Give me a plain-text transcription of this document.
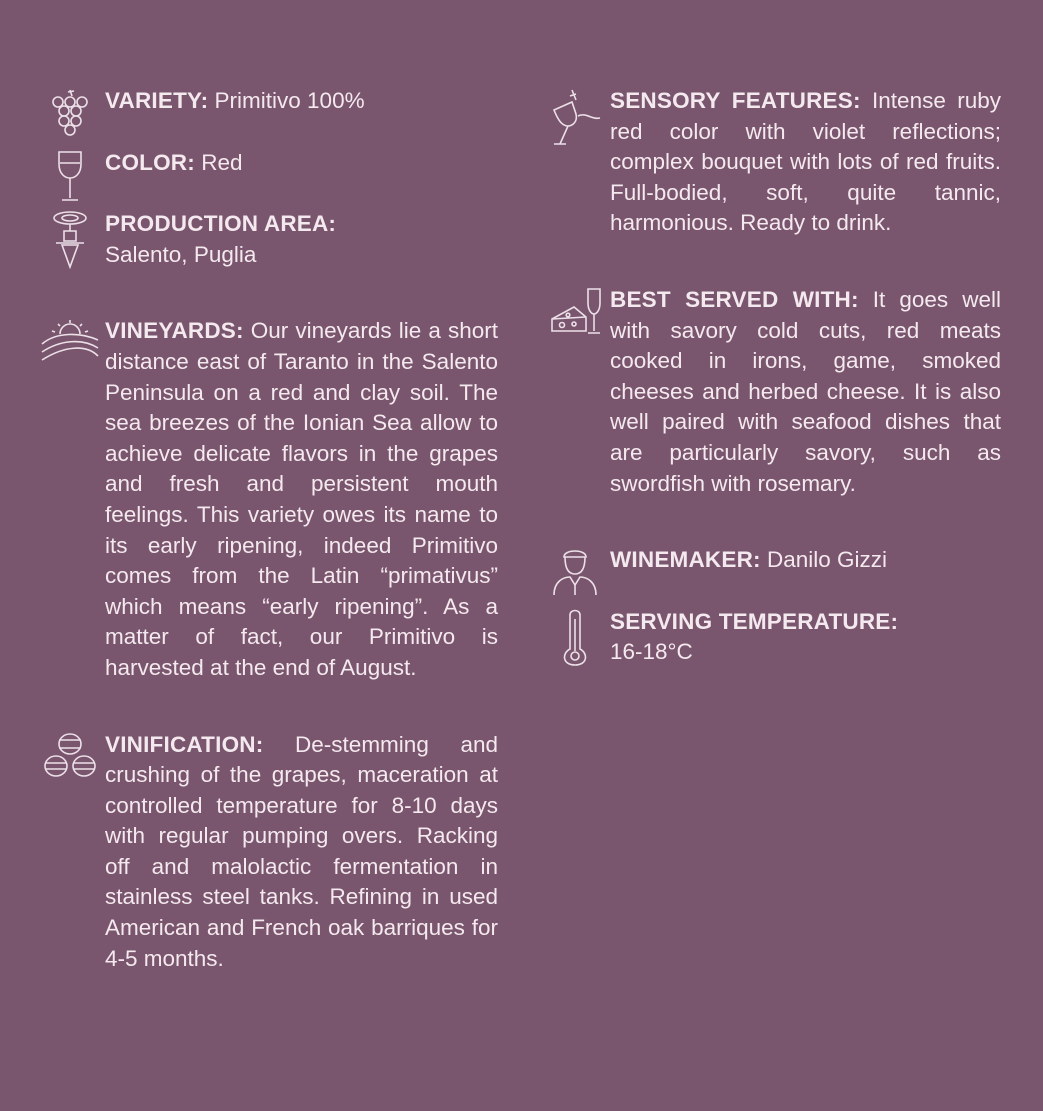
VARIETY: Primitivo 100%
COLOR: Red
PRODUCTION AREA:
Salento, Puglia
VINEYARDS: Our vineyards lie a short distance east of Taranto in the Salento Peninsula on a red and clay soil. The sea breezes of the Ionian Sea allow to achieve delicate flavors in the grapes and fresh and persistent mouth feelings. This variety owes its name to its early ripening, indeed Primitivo comes from the Latin “primativus” which means “early ripening”. As a matter of fact, our Primitivo is harvested at the end of August.
VINIFICATION: De-stemming and crushing of the grapes, maceration at controlled temperature for 8-10 days with regular pumping overs. Racking off and malolactic fermentation in stainless steel tanks. Refining in used American and French oak barriques for 4-5 months.
SENSORY FEATURES: Intense ruby red color with violet reflections; complex bouquet with lots of red fruits. Full-bodied, soft, quite tannic, harmonious. Ready to drink.
BEST SERVED WITH: It goes well with savory cold cuts, red meats cooked in irons, game, smoked cheeses and herbed cheese. It is also well paired with seafood dishes that are particularly savory, such as swordfish with rosemary.
WINEMAKER: Danilo Gizzi
SERVING TEMPERATURE:
16-18°C
